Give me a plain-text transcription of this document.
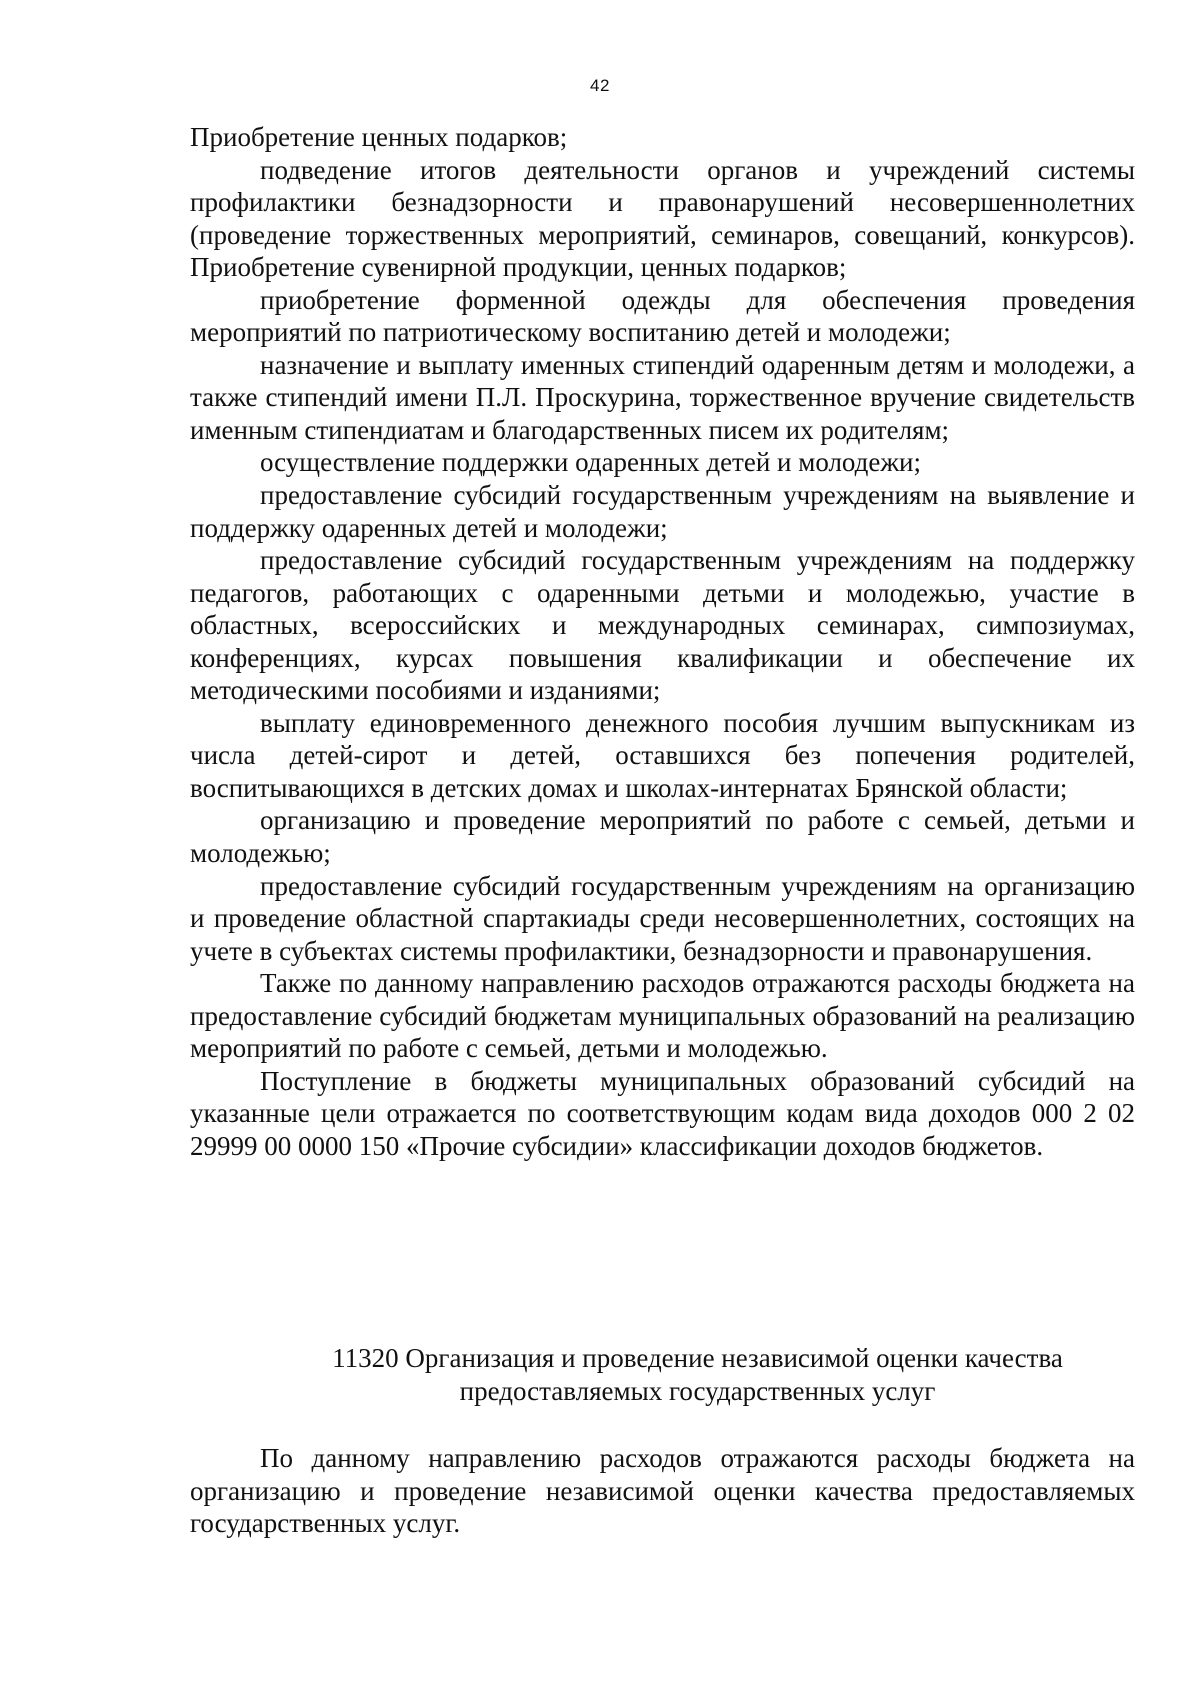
42

Приобретение ценных подарков;

подведение итогов деятельности органов и учреждений системы профилактики безнадзорности и правонарушений несовершеннолетних (проведение торжественных мероприятий, семинаров, совещаний, конкурсов). Приобретение сувенирной продукции, ценных подарков;

приобретение форменной одежды для обеспечения проведения мероприятий по патриотическому воспитанию детей и молодежи;

назначение и выплату именных стипендий одаренным детям и молодежи, а также стипендий имени П.Л. Проскурина, торжественное вручение свидетельств именным стипендиатам и благодарственных писем их родителям;

осуществление поддержки одаренных детей и молодежи;

предоставление субсидий государственным учреждениям на выявление и поддержку одаренных детей и молодежи;

предоставление субсидий государственным учреждениям на поддержку педагогов, работающих с одаренными детьми и молодежью, участие в областных, всероссийских и международных семинарах, симпозиумах, конференциях, курсах повышения квалификации и обеспечение их методическими пособиями и изданиями;

выплату единовременного денежного пособия лучшим выпускникам из числа детей-сирот и детей, оставшихся без попечения родителей, воспитывающихся в детских домах и школах-интернатах Брянской области;

организацию и проведение мероприятий по работе с семьей, детьми и молодежью;

предоставление субсидий государственным учреждениям на организацию и проведение областной спартакиады среди несовершеннолетних, состоящих на учете в субъектах системы профилактики, безнадзорности и правонарушения.

Также по данному направлению расходов отражаются расходы бюджета на предоставление субсидий бюджетам муниципальных образований на реализацию мероприятий по работе с семьей, детьми и молодежью.

Поступление в бюджеты муниципальных образований субсидий на указанные цели отражается по соответствующим кодам вида доходов 000 2 02 29999 00 0000 150 «Прочие субсидии» классификации доходов бюджетов.

11320 Организация и проведение независимой оценки качества
предоставляемых государственных услуг

По данному направлению расходов отражаются расходы бюджета на организацию и проведение независимой оценки качества предоставляемых государственных услуг.
